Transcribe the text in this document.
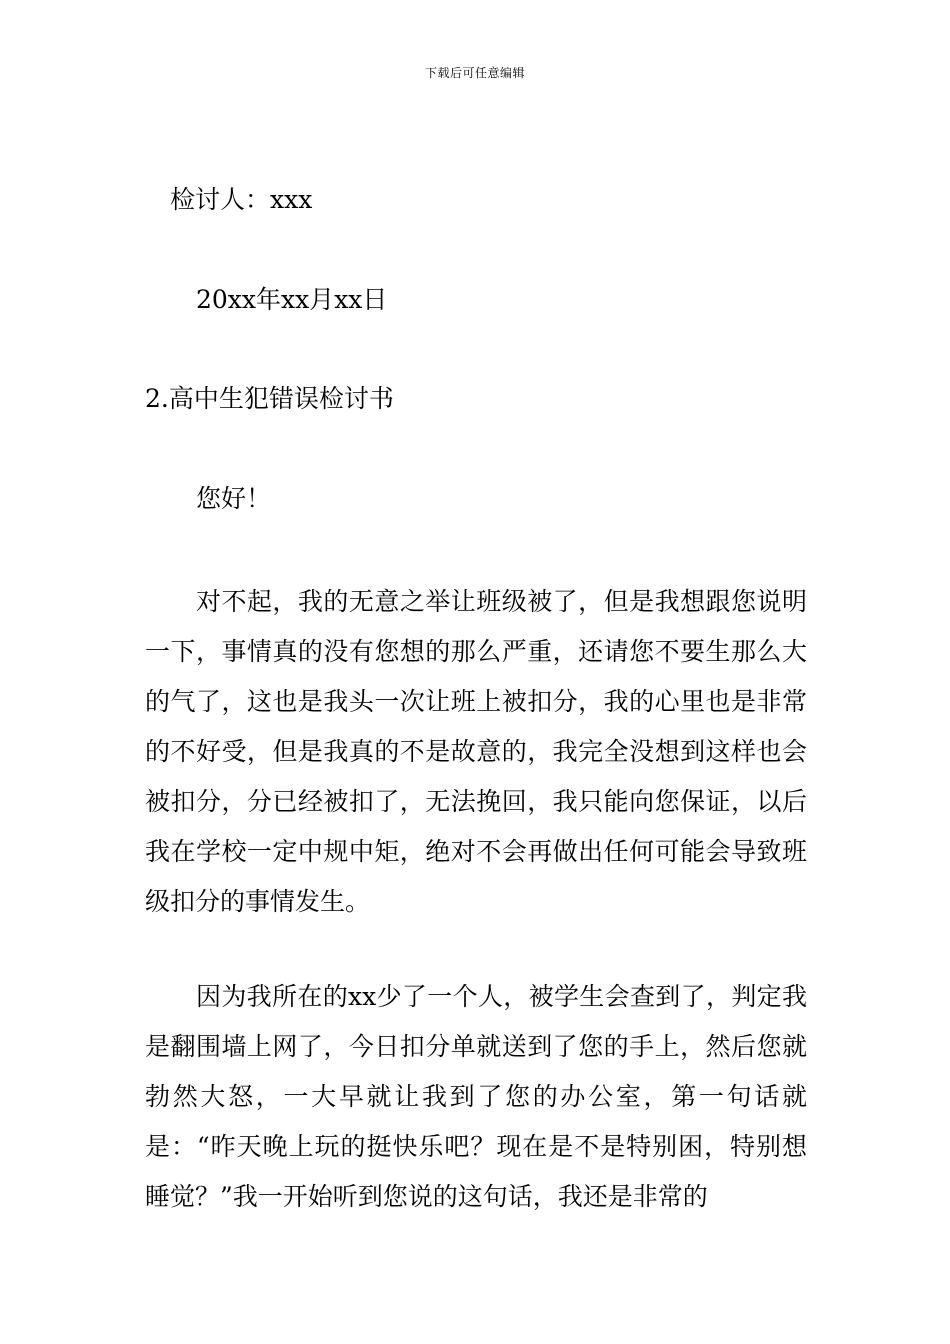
下载后可任意编辑
检讨人：xxx
20xx年xx月xx日
2.高中生犯错误检讨书
您好！

对不起，我的无意之举让班级被了，但是我想跟您说明一下，事情真的没有您想的那么严重，还请您不要生那么大的气了，这也是我头一次让班上被扣分，我的心里也是非常的不好受，但是我真的不是故意的，我完全没想到这样也会被扣分，分已经被扣了，无法挽回，我只能向您保证，以后我在学校一定中规中矩，绝对不会再做出任何可能会导致班级扣分的事情发生。

因为我所在的xx少了一个人，被学生会查到了，判定我是翻围墙上网了，今日扣分单就送到了您的手上，然后您就勃然大怒，一大早就让我到了您的办公室，第一句话就是：“昨天晚上玩的挺快乐吧？现在是不是特别困，特别想睡觉？”我一开始听到您说的这句话，我还是非常的
